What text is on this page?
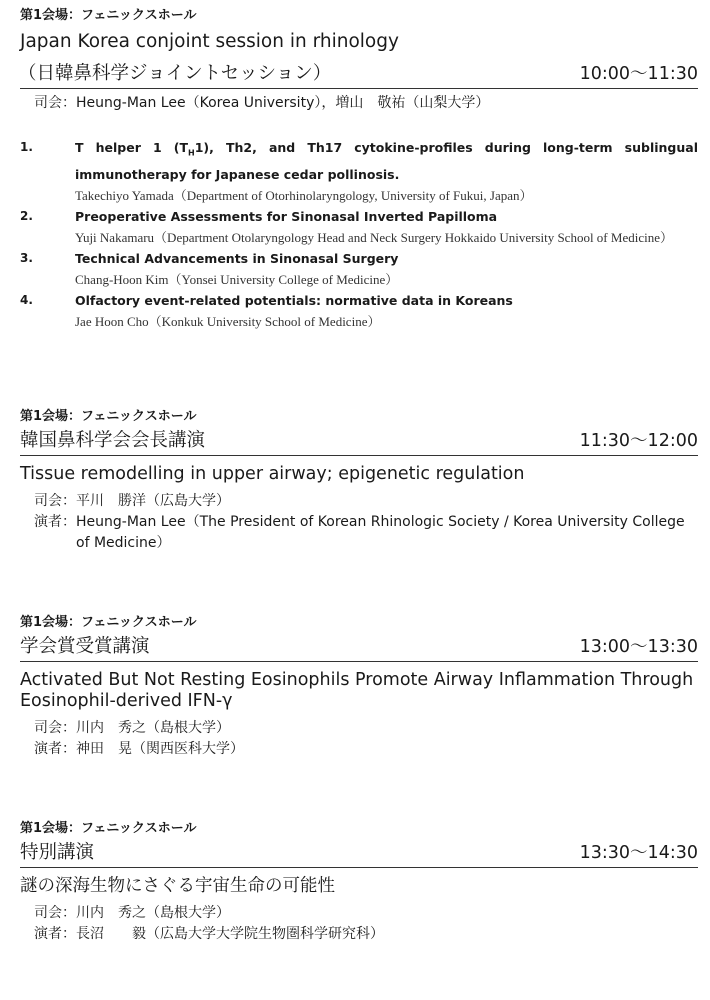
第1会場：フェニックスホール
Japan Korea conjoint session in rhinology
（日韓鼻科学ジョイントセッション）	10:00〜11:30
司会 ： Heung-Man Lee（Korea University），増山　敬祐（山梨大学）
1.	T helper 1 $(T_H1)$, Th2, and Th17 cytokine-profiles during long-term sublingual immunotherapy for Japanese cedar pollinosis.
Takechiyo Yamada（Department of Otorhinolaryngology, University of Fukui, Japan）
2.	Preoperative Assessments for Sinonasal Inverted Papilloma
Yuji Nakamaru（Department Otolaryngology Head and Neck Surgery Hokkaido University School of Medicine）
3.	Technical Advancements in Sinonasal Surgery
Chang-Hoon Kim（Yonsei University College of Medicine）
4.	Olfactory event-related potentials: normative data in Koreans
Jae Hoon Cho（Konkuk University School of Medicine）
第1会場：フェニックスホール
韓国鼻科学会会長講演	11:30〜12:00
Tissue remodelling in upper airway; epigenetic regulation
司会 ： 平川　勝洋（広島大学）
演者 ： Heung-Man Lee（The President of Korean Rhinologic Society / Korea University College of Medicine）
第1会場：フェニックスホール
学会賞受賞講演	13:00〜13:30
Activated But Not Resting Eosinophils Promote Airway Inflammation Through Eosinophil-derived IFN-γ
司会 ： 川内　秀之（島根大学）
演者 ： 神田　晃（関西医科大学）
第1会場：フェニックスホール
特別講演	13:30〜14:30
謎の深海生物にさぐる宇宙生命の可能性
司会 ： 川内　秀之（島根大学）
演者 ： 長沼　　毅（広島大学大学院生物圏科学研究科）
